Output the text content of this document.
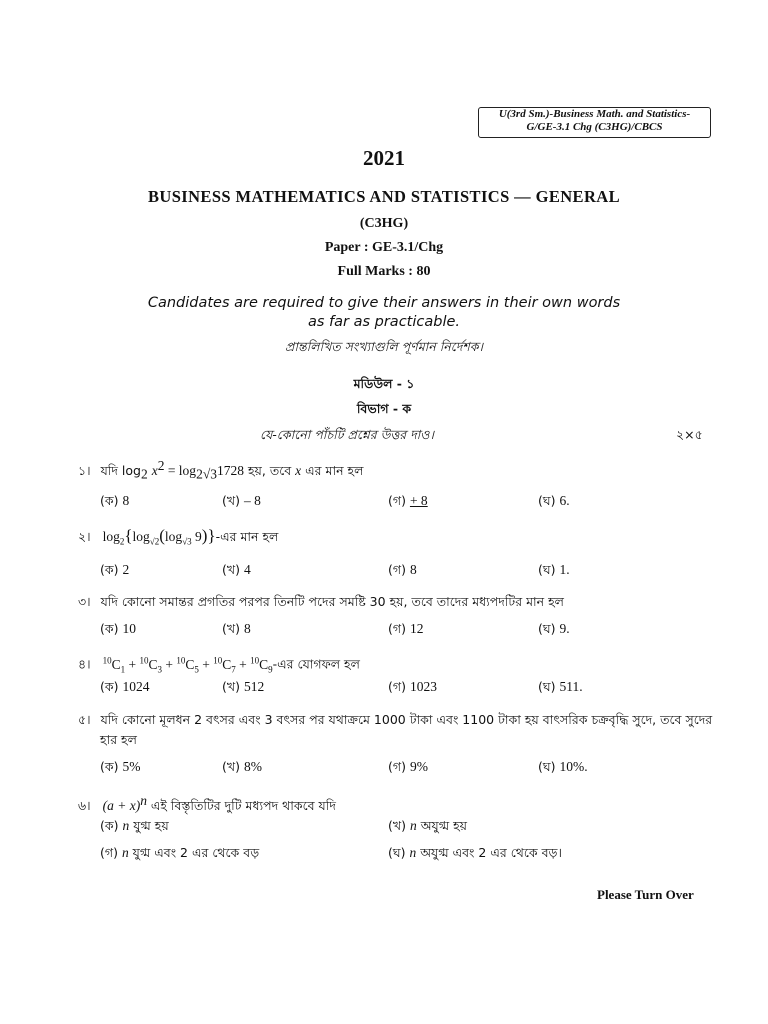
U(3rd Sm.)-Business Math. and Statistics-
G/GE-3.1 Chg (C3HG)/CBCS
2021
BUSINESS MATHEMATICS AND STATISTICS — GENERAL
(C3HG)
Paper : GE-3.1/Chg
Full Marks : 80
Candidates are required to give their answers in their own words
as far as practicable.
প্রান্তলিখিত সংখ্যাগুলি পূর্ণমান নির্দেশক।
মডিউল - ১
বিভাগ - ক
যে-কোনো পাঁচটি প্রশ্নের উত্তর দাও।	২×৫
১। যদি $\log_2 x^2 = \log_{2√3}1728$ হয়, তবে x এর মান হল
(ক) 8	(খ) – 8	(গ) + 8	(ঘ) 6.
২। $\log_2\{\log_{√2}(\log_{√3}$ 9)}-এর মান হল
(ক) 2	(খ) 4	(গ) 8	(ঘ) 1.
৩। যদি কোনো সমান্তর প্রগতির পরপর তিনটি পদের সমষ্টি 30 হয়, তবে তাদের মধ্যপদটির মান হল
(ক) 10	(খ) 8	(গ) 12	(ঘ) 9.
৪। $^{10}C_1 + ^{10}C_3 + ^{10}C_5 + ^{10}C_7$ + $^{10}C_9-এর$ যোগফল হল
(ক) 1024	(খ) 512	(গ) 1023	(ঘ) 511.
৫। যদি কোনো মূলধন 2 বৎসর এবং 3 বৎসর পর যথাক্রমে 1000 টাকা এবং 1100 টাকা হয় বাৎসরিক চক্রবৃদ্ধি সুদে, তবে সুদের
হার হল
(ক) 5%	(খ) 8%	(গ) 9%	(ঘ) 10%.
৬। $(a + x)^n$ এই বিস্তৃতিটির দুটি মধ্যপদ থাকবে যদি
(ক) n যুগ্ম হয়	(খ) n অযুগ্ম হয়
(গ) n যুগ্ম এবং 2 এর থেকে বড়	(ঘ) n অযুগ্ম এবং 2 এর থেকে বড়।
Please Turn Over
